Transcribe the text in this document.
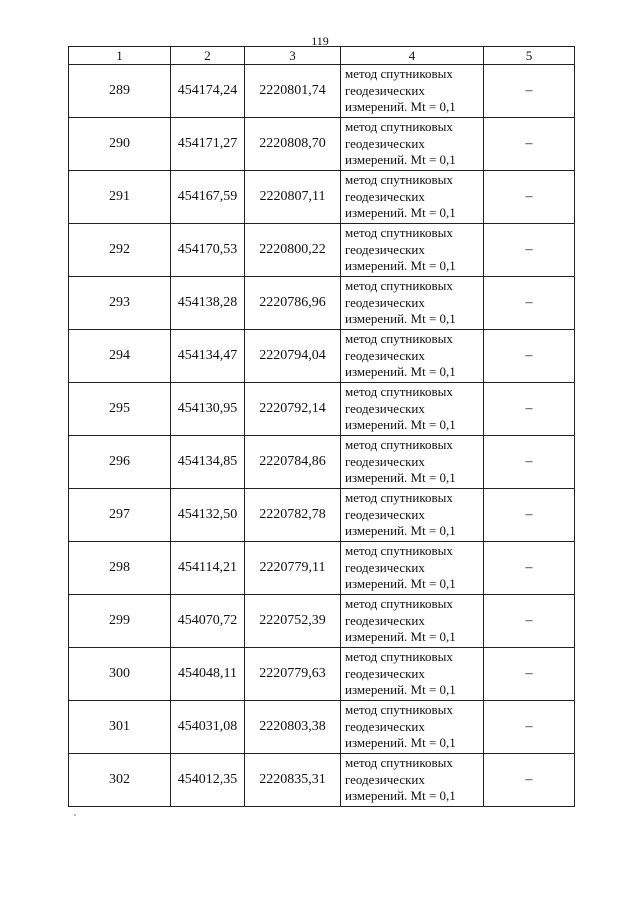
119
1	2	3	4	5
289	454174,24	2220801,74	метод спутниковых
геодезических
измерений. Mt = 0,1	–
290	454171,27	2220808,70	метод спутниковых
геодезических
измерений. Mt = 0,1	–
291	454167,59	2220807,11	метод спутниковых
геодезических
измерений. Mt = 0,1	–
292	454170,53	2220800,22	метод спутниковых
геодезических
измерений. Mt = 0,1	–
293	454138,28	2220786,96	метод спутниковых
геодезических
измерений. Mt = 0,1	–
294	454134,47	2220794,04	метод спутниковых
геодезических
измерений. Mt = 0,1	–
295	454130,95	2220792,14	метод спутниковых
геодезических
измерений. Mt = 0,1	–
296	454134,85	2220784,86	метод спутниковых
геодезических
измерений. Mt = 0,1	–
297	454132,50	2220782,78	метод спутниковых
геодезических
измерений. Mt = 0,1	–
298	454114,21	2220779,11	метод спутниковых
геодезических
измерений. Mt = 0,1	–
299	454070,72	2220752,39	метод спутниковых
геодезических
измерений. Mt = 0,1	–
300	454048,11	2220779,63	метод спутниковых
геодезических
измерений. Mt = 0,1	–
301	454031,08	2220803,38	метод спутниковых
геодезических
измерений. Mt = 0,1	–
302	454012,35	2220835,31	метод спутниковых
геодезических
измерений. Mt = 0,1	–
